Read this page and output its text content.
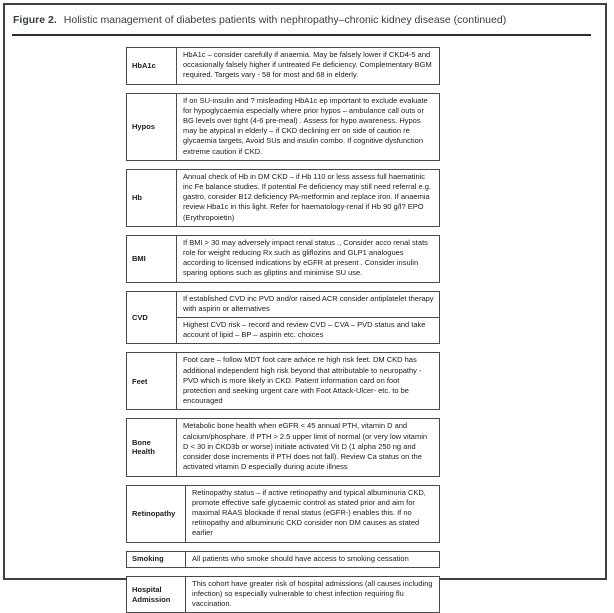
Figure 2. Holistic management of diabetes patients with nephropathy–chronic kidney disease (continued)
HbA1c
HbA1c – consider carefully if anaemia. May be falsely lower if CKD4-5 and occasionally falsely higher if untreated Fe deficiency. Complementary BGM required. Targets vary - 58 for most and 68 in elderly.
Hypos
If on SU-insulin and ? misleading HbA1c ep important to exclude evaluate for hypoglycaemia especially where prior hypos – ambulance call outs or BG levels over tight (4-6 pre-meal) . Assess for hypo awareness. Hypos may be atypical in elderly – if CKD declining err on side of caution re glycaemia targets, Avoid SUs and insulin combo. If cognitive dysfunction extreme caution if CKD.
Hb
Annual check of Hb in DM CKD – if Hb 110 or less assess full haematinic inc Fe balance studies. If potential Fe deficiency may still need referral e.g. gastro, consider B12 deficiency PA-metformin and replace iron. If anaemia review Hba1c in this light. Refer for haematology-renal if Hb 90 g/l? EPO (Erythropoietin)
BMI
If BMI > 30 may adversely impact renal status ., Consider acco renal stats role for weight reducing Rx such as gliflozins and GLP1 analogues according to licensed indications by eGFR at present . Consider insulin sparing options such as gliptins and minimise SU use.
CVD
If established CVD inc PVD and/or raised ACR consider antiplatelet therapy with aspirin or alternatives
Highest CVD risk – record and review CVD – CVA – PVD status and take account of lipid – BP – aspirin etc. choices
Feet
Foot care – follow MDT foot care advice re high risk feet. DM CKD has additional independent high risk beyond that attributable to neuropathy - PVD which is more likely in CKD. Patient information card on foot protection and seeking urgent care with Foot Attack-Ulcer- etc. to be encouraged
Bone Health
Metabolic bone health when eGFR < 45 annual PTH, vitamin D and calcium/phosphare. If PTH > 2.5 upper limit of normal (or very low vitamin D < 30 in CKD3b or worse) initiate activated Vit D (1 alpha 250 ng and consider dose increments if PTH does not fall). Review Ca status on the activated vitamin D especially during acute illness
Retinopathy
Retinopathy status – if active retinopathy and typical albuminuria CKD, promote effective safe glycaemic control as stated prior and aim for maximal RAAS blockade if renal status (eGFR-) enables this. If no retinopathy and albuminuric CKD consider non DM causes as stated earlier
Smoking	All patients who smoke should have access to smoking cessation
Hospital Admission
This cohort have greater risk of hospital admissions (all causes including infection) so especially vulnerable to chest infection requiring flu vaccination.
